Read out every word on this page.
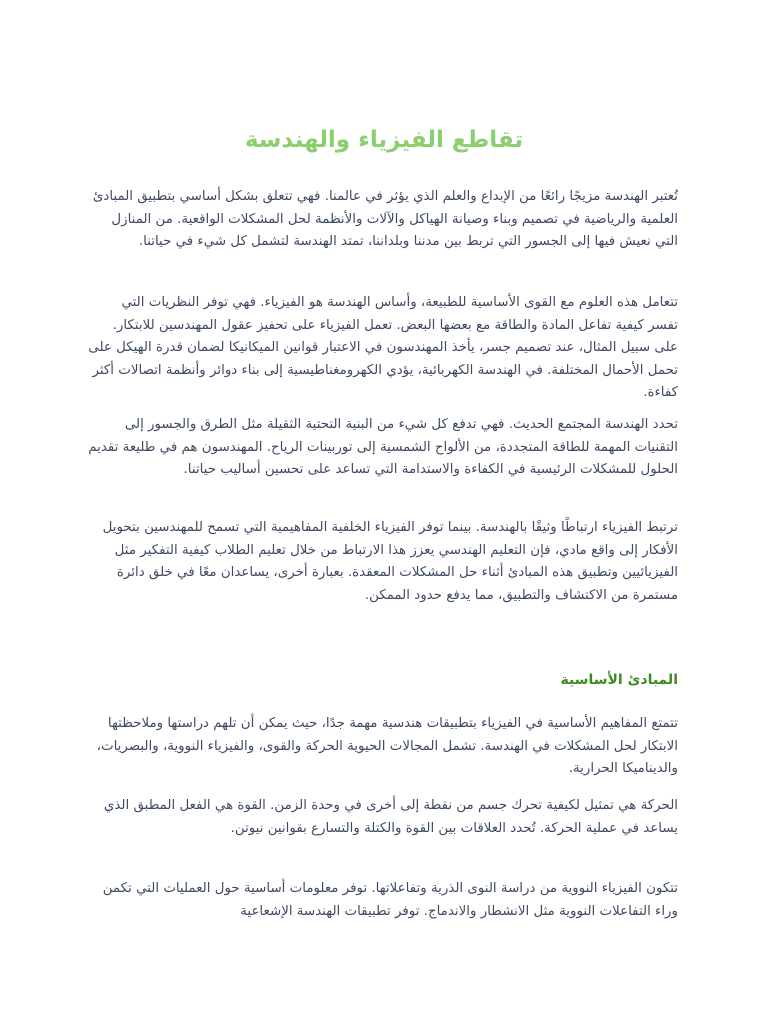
تقاطع الفيزياء والهندسة

تُعتبر الهندسة مزيجًا رائعًا من الإبداع والعلم الذي يؤثر في عالمنا. فهي تتعلق بشكل أساسي بتطبيق المبادئ العلمية والرياضية في تصميم وبناء وصيانة الهياكل والآلات والأنظمة لحل المشكلات الواقعية. من المنازل التي نعيش فيها إلى الجسور التي تربط بين مدننا وبلداننا، تمتد الهندسة لتشمل كل شيء في حياتنا.

تتعامل هذه العلوم مع القوى الأساسية للطبيعة، وأساس الهندسة هو الفيزياء. فهي توفر النظريات التي تفسر كيفية تفاعل المادة والطاقة مع بعضها البعض. تعمل الفيزياء على تحفيز عقول المهندسين للابتكار. على سبيل المثال، عند تصميم جسر، يأخذ المهندسون في الاعتبار قوانين الميكانيكا لضمان قدرة الهيكل على تحمل الأحمال المختلفة. في الهندسة الكهربائية، يؤدي الكهرومغناطيسية إلى بناء دوائر وأنظمة اتصالات أكثر كفاءة.

تحدد الهندسة المجتمع الحديث. فهي تدفع كل شيء من البنية التحتية الثقيلة مثل الطرق والجسور إلى التقنيات المهمة للطاقة المتجددة، من الألواح الشمسية إلى توربينات الرياح. المهندسون هم في طليعة تقديم الحلول للمشكلات الرئيسية في الكفاءة والاستدامة التي تساعد على تحسين أساليب حياتنا.

ترتبط الفيزياء ارتباطًا وثيقًا بالهندسة. بينما توفر الفيزياء الخلفية المفاهيمية التي تسمح للمهندسين بتحويل الأفكار إلى واقع مادي، فإن التعليم الهندسي يعزز هذا الارتباط من خلال تعليم الطلاب كيفية التفكير مثل الفيزيائيين وتطبيق هذه المبادئ أثناء حل المشكلات المعقدة. بعبارة أخرى، يساعدان معًا في خلق دائرة مستمرة من الاكتشاف والتطبيق، مما يدفع حدود الممكن.

المبادئ الأساسية

تتمتع المفاهيم الأساسية في الفيزياء بتطبيقات هندسية مهمة جدًا، حيث يمكن أن تلهم دراستها وملاحظتها الابتكار لحل المشكلات في الهندسة. تشمل المجالات الحيوية الحركة والقوى، والفيزياء النووية، والبصريات، والديناميكا الحرارية.

الحركة هي تمثيل لكيفية تحرك جسم من نقطة إلى أخرى في وحدة الزمن. القوة هي الفعل المطبق الذي يساعد في عملية الحركة. تُحدد العلاقات بين القوة والكتلة والتسارع بقوانين نيوتن.

تتكون الفيزياء النووية من دراسة النوى الذرية وتفاعلاتها. توفر معلومات أساسية حول العمليات التي تكمن وراء التفاعلات النووية مثل الانشطار والاندماج. توفر تطبيقات الهندسة الإشعاعية
